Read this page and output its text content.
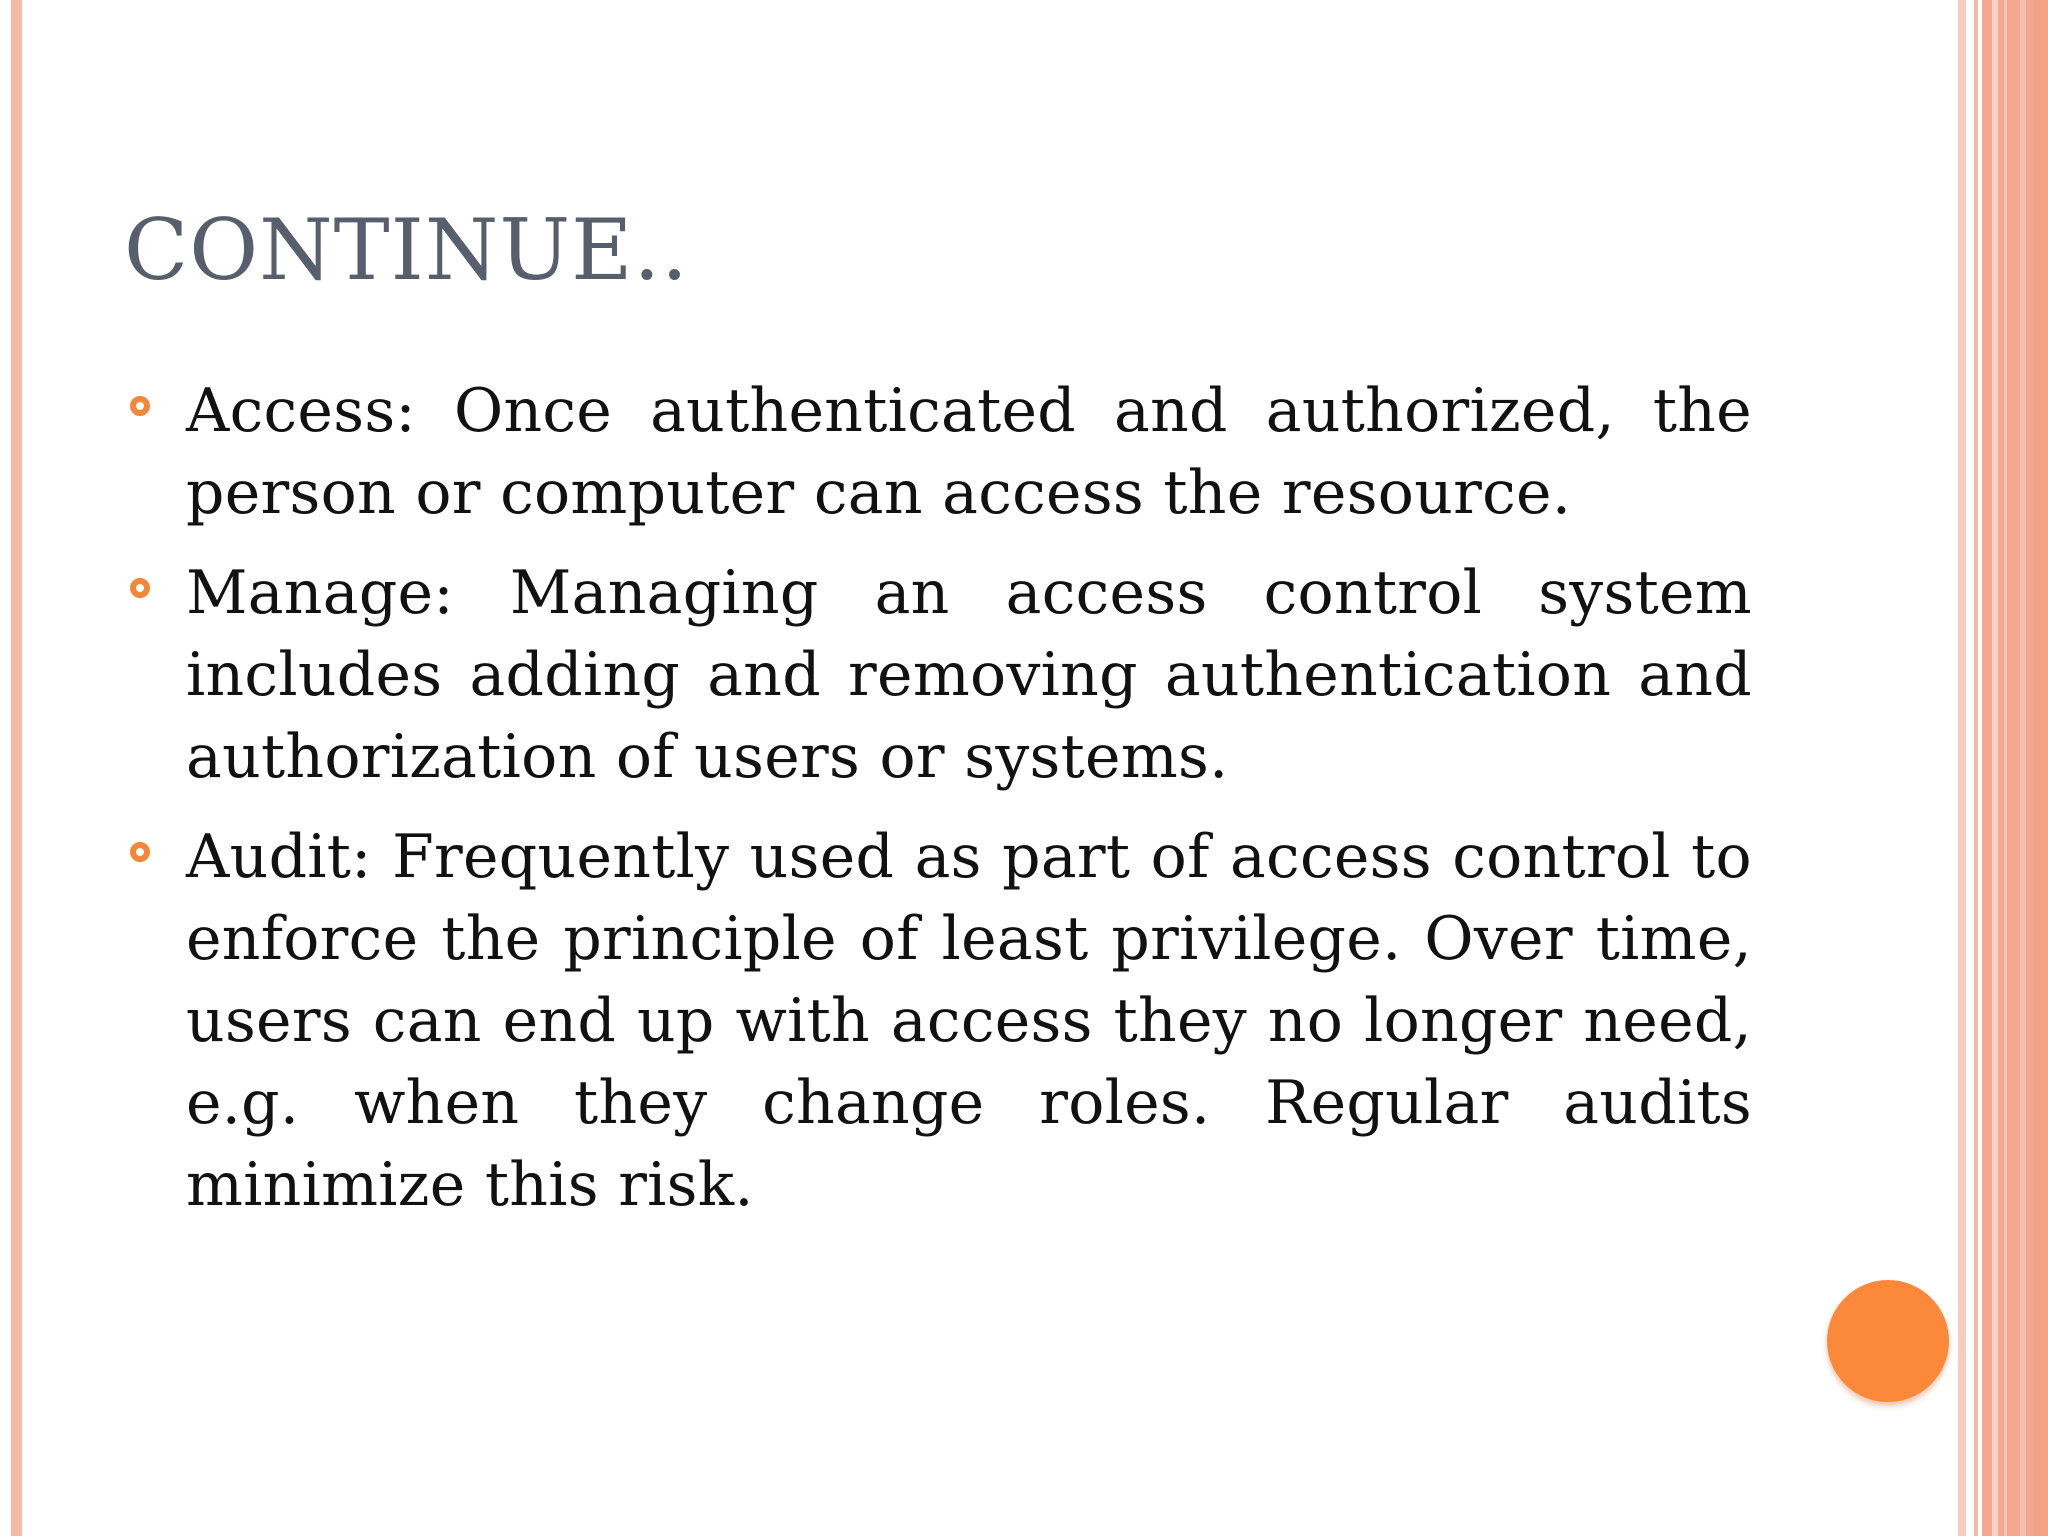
CONTINUE..
Access: Once authenticated and authorized, the person or computer can access the resource.
Manage: Managing an access control system includes adding and removing authentication and authorization of users or systems.
Audit: Frequently used as part of access control to enforce the principle of least privilege. Over time, users can end up with access they no longer need, e.g. when they change roles. Regular audits minimize this risk.
